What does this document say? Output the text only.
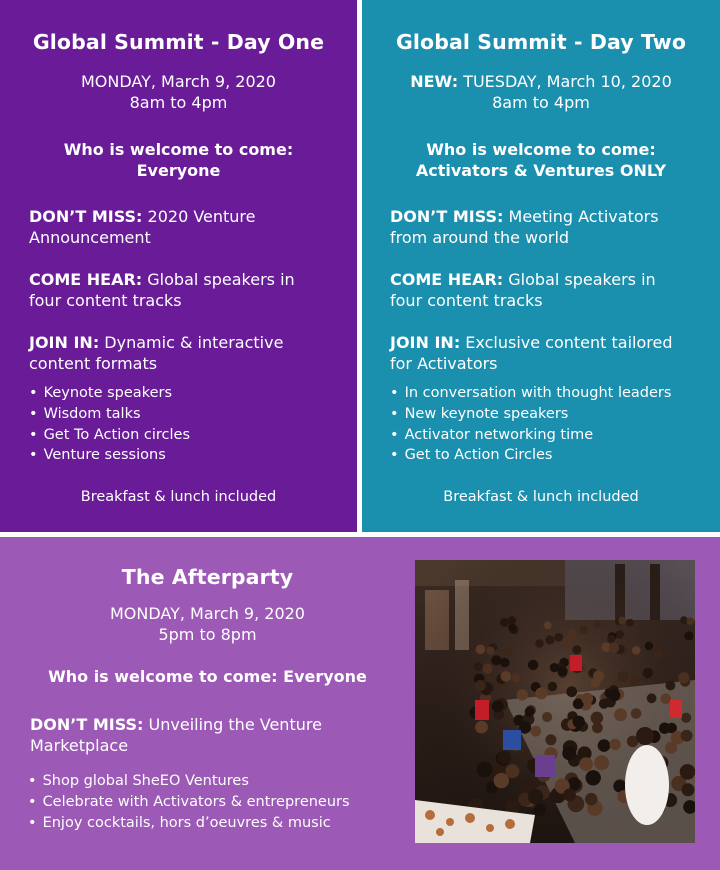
Global Summit - Day One
MONDAY, March 9, 2020
8am to 4pm
Who is welcome to come:
Everyone
DON’T MISS: 2020 Venture
Announcement
COME HEAR: Global speakers in
four content tracks
JOIN IN: Dynamic & interactive
content formats
• Keynote speakers
• Wisdom talks
• Get To Action circles
• Venture sessions
Breakfast & lunch included
Global Summit - Day Two
NEW: TUESDAY, March 10, 2020
8am to 4pm
Who is welcome to come:
Activators & Ventures ONLY
DON’T MISS: Meeting Activators
from around the world
COME HEAR: Global speakers in
four content tracks
JOIN IN: Exclusive content tailored
for Activators
• In conversation with thought leaders
• New keynote speakers
• Activator networking time
• Get to Action Circles
Breakfast & lunch included
The Afterparty
MONDAY, March 9, 2020
5pm to 8pm
Who is welcome to come: Everyone
DON’T MISS: Unveiling the Venture
Marketplace
• Shop global SheEO Ventures
• Celebrate with Activators & entrepreneurs
• Enjoy cocktails, hors d’oeuvres & music
